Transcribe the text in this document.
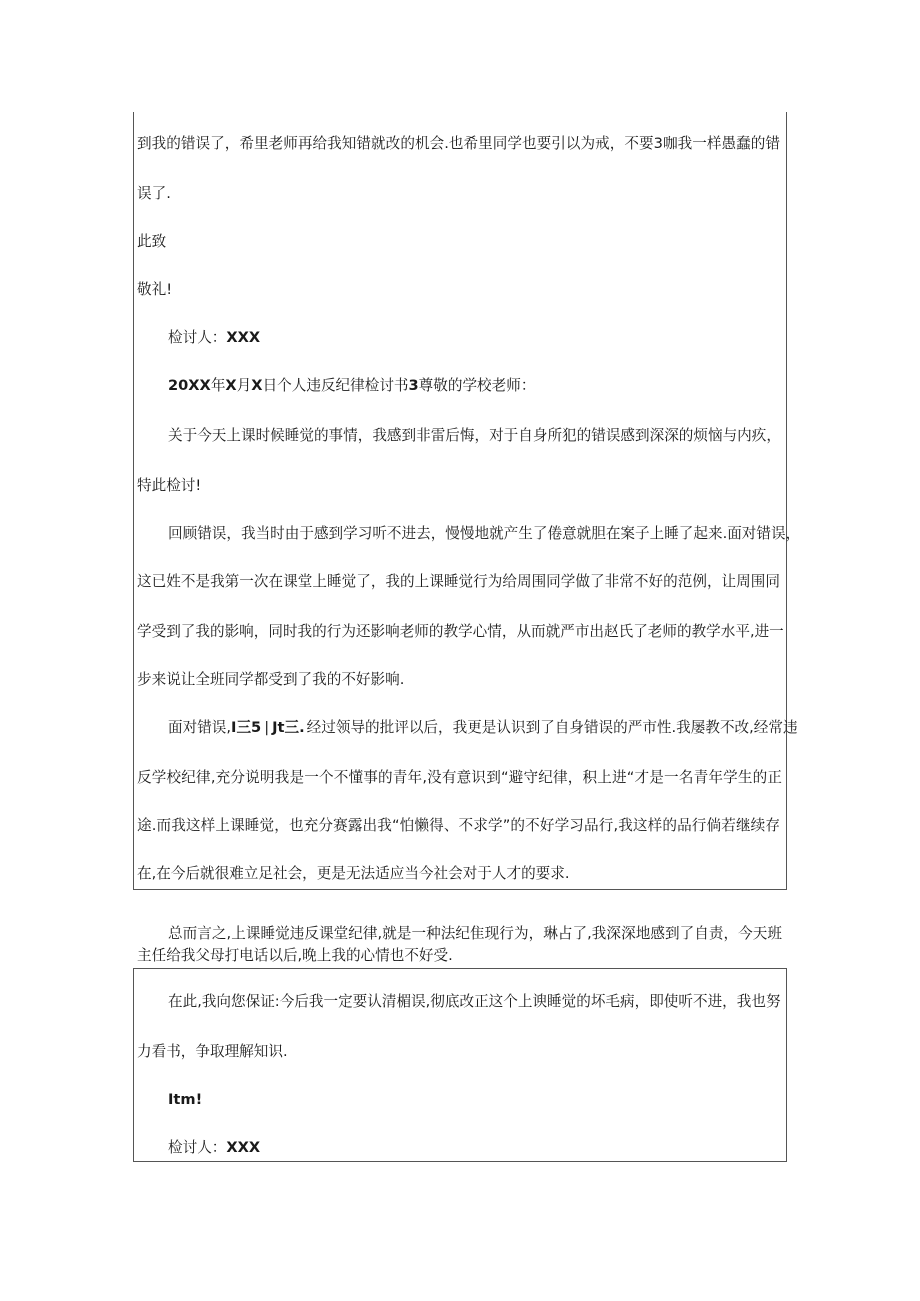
到我的错误了，希里老师再给我知错就改的机会.也希里同学也要引以为戒，不要3咖我一样愚蠢的错
误了.
此致
敬礼!
检讨人：XXX
20XX年X月X日个人违反纪律检讨书3尊敬的学校老师：
关于今天上课时候睡觉的事情，我感到非雷后悔，对于自身所犯的错误感到深深的烦恼与内疚，
特此检讨!
回顾错误，我当时由于感到学习听不进去，慢慢地就产生了倦意就胆在案子上睡了起来.面对错误，
这已姓不是我第一次在课堂上睡觉了，我的上课睡觉行为给周围同学做了非常不好的范例，让周围同
学受到了我的影响，同时我的行为还影响老师的教学心情，从而就严市出赵氏了老师的教学水平,进一
步来说让全班同学都受到了我的不好影响.
面对错误,I三5 | Jt三. 经过领导的批评以后，我更是认识到了自身错误的严市性.我屡教不改,经常违
反学校纪律,充分说明我是一个不懂事的青年,没有意识到“避守纪律，积上进“才是一名青年学生的正
途.而我这样上课睡觉，也充分赛露出我“怕懒得、不求学”的不好学习品行,我这样的品行倘若继续存
在,在今后就很难立足社会，更是无法适应当今社会对于人才的要求.
总而言之,上课睡觉违反课堂纪律,就是一种法纪隹现行为，琳占了,我深深地感到了自责，今天班
主任给我父母打电话以后,晚上我的心情也不好受.
在此,我向您保证:今后我一定要认清楣误,彻底改正这个上谀睡觉的坏毛病，即使听不进，我也努
力看书，争取理解知识.
Itm!
检讨人：XXX
